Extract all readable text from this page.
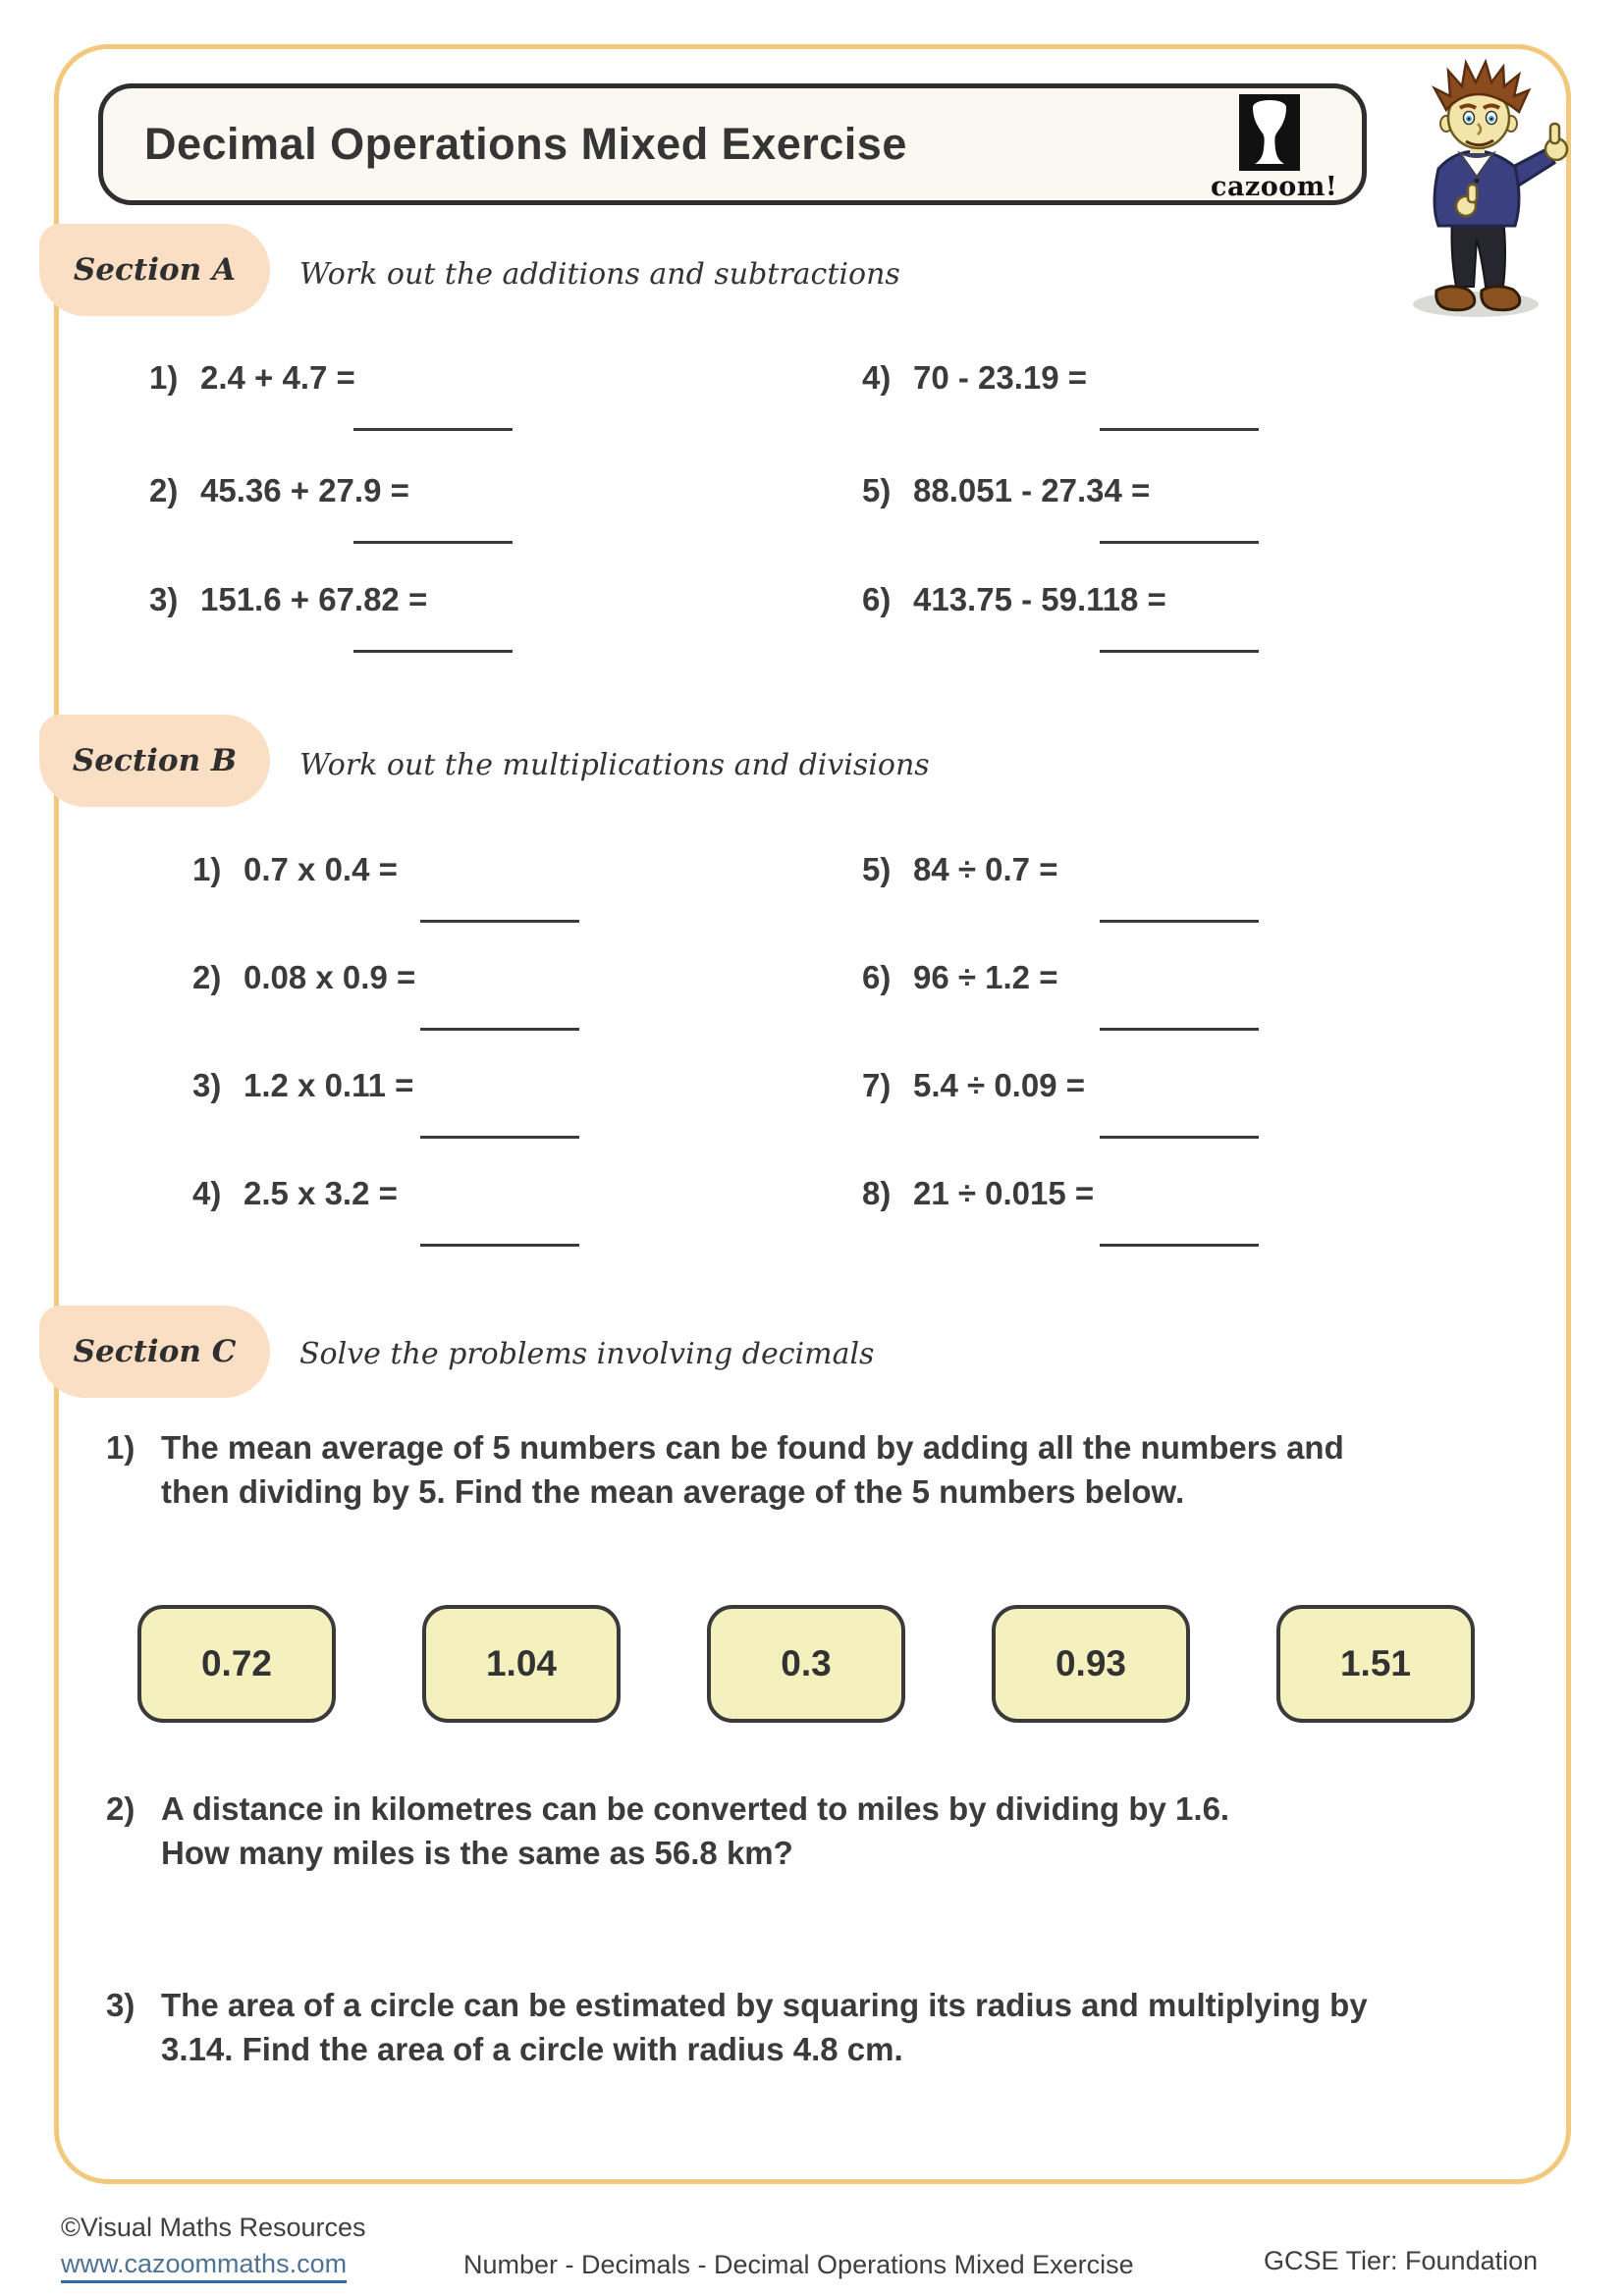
Decimal Operations Mixed Exercise
cazoom!
Section A Work out the additions and subtractions
1) 2.4 + 4.7 =
2) 45.36 + 27.9 =
3) 151.6 + 67.82 =
4) 70 - 23.19 =
5) 88.051 - 27.34 =
6) 413.75 - 59.118 =
Section B Work out the multiplications and divisions
1) 0.7 x 0.4 =
2) 0.08 x 0.9 =
3) 1.2 x 0.11 =
4) 2.5 x 3.2 =
5) 84 ÷ 0.7 =
6) 96 ÷ 1.2 =
7) 5.4 ÷ 0.09 =
8) 21 ÷ 0.015 =
Section C Solve the problems involving decimals
1) The mean average of 5 numbers can be found by adding all the numbers and
then dividing by 5. Find the mean average of the 5 numbers below.
0.72	1.04	0.3	0.93	1.51
2) A distance in kilometres can be converted to miles by dividing by 1.6.
How many miles is the same as 56.8 km?
3) The area of a circle can be estimated by squaring its radius and multiplying by
3.14. Find the area of a circle with radius 4.8 cm.
©Visual Maths Resources
www.cazoommaths.com	Number - Decimals - Decimal Operations Mixed Exercise	GCSE Tier: Foundation
